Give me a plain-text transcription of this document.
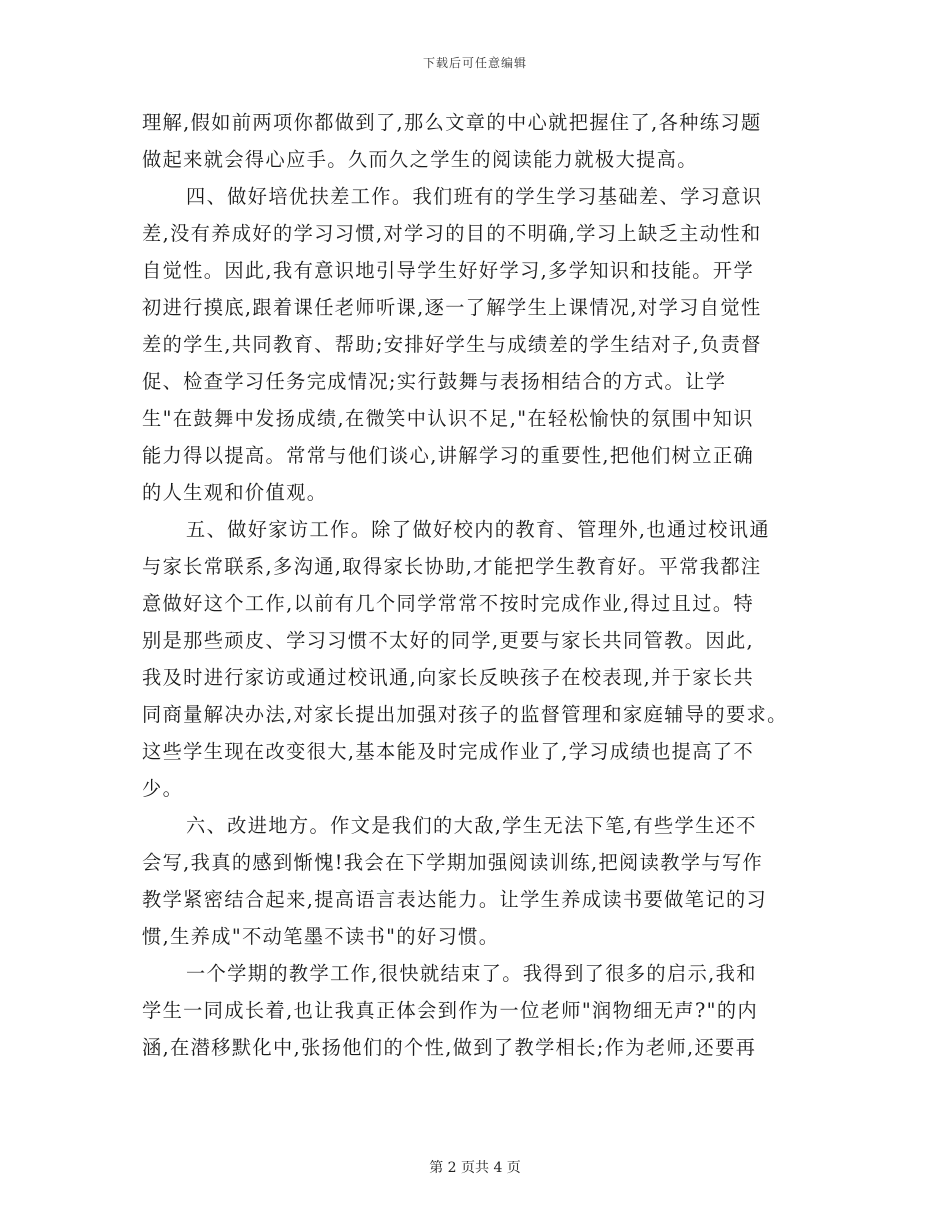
下载后可任意编辑
理解,假如前两项你都做到了,那么文章的中心就把握住了,各种练习题
做起来就会得心应手。久而久之学生的阅读能力就极大提高。
四、做好培优扶差工作。我们班有的学生学习基础差、学习意识
差,没有养成好的学习习惯,对学习的目的不明确,学习上缺乏主动性和
自觉性。因此,我有意识地引导学生好好学习,多学知识和技能。开学
初进行摸底,跟着课任老师听课,逐一了解学生上课情况,对学习自觉性
差的学生,共同教育、帮助;安排好学生与成绩差的学生结对子,负责督
促、检查学习任务完成情况;实行鼓舞与表扬相结合的方式。让学
生"在鼓舞中发扬成绩,在微笑中认识不足,"在轻松愉快的氛围中知识
能力得以提高。常常与他们谈心,讲解学习的重要性,把他们树立正确
的人生观和价值观。
五、做好家访工作。除了做好校内的教育、管理外,也通过校讯通
与家长常联系,多沟通,取得家长协助,才能把学生教育好。平常我都注
意做好这个工作,以前有几个同学常常不按时完成作业,得过且过。特
别是那些顽皮、学习习惯不太好的同学,更要与家长共同管教。因此,
我及时进行家访或通过校讯通,向家长反映孩子在校表现,并于家长共
同商量解决办法,对家长提出加强对孩子的监督管理和家庭辅导的要求。
这些学生现在改变很大,基本能及时完成作业了,学习成绩也提高了不
少。
六、改进地方。作文是我们的大敌,学生无法下笔,有些学生还不
会写,我真的感到惭愧!我会在下学期加强阅读训练,把阅读教学与写作
教学紧密结合起来,提高语言表达能力。让学生养成读书要做笔记的习
惯,生养成"不动笔墨不读书"的好习惯。
一个学期的教学工作,很快就结束了。我得到了很多的启示,我和
学生一同成长着,也让我真正体会到作为一位老师"润物细无声?"的内
涵,在潜移默化中,张扬他们的个性,做到了教学相长;作为老师,还要再
第 2 页共 4 页
